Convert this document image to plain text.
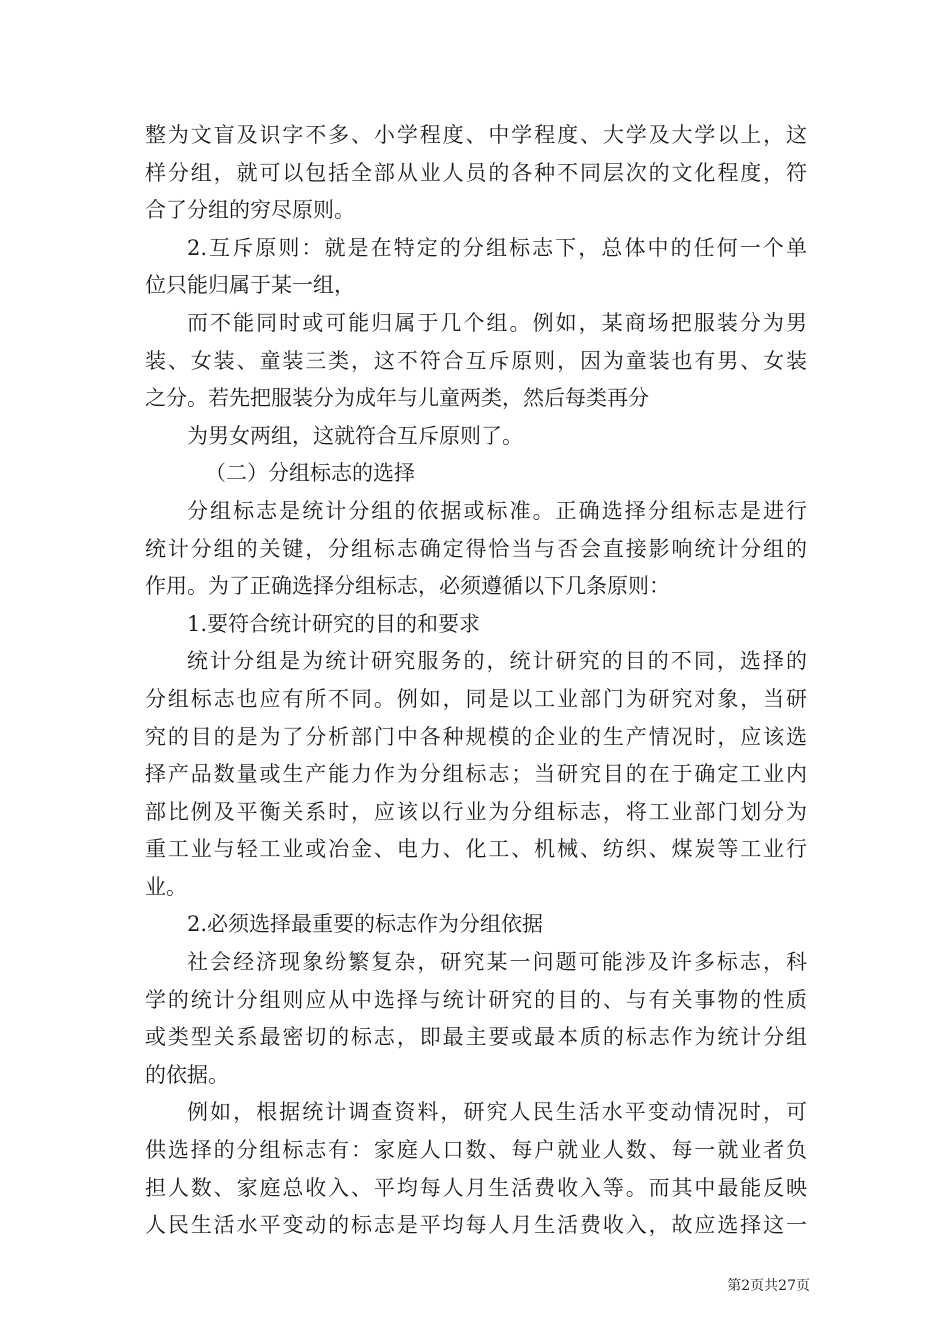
整为文盲及识字不多、小学程度、中学程度、大学及大学以上，这
样分组，就可以包括全部从业人员的各种不同层次的文化程度，符
合了分组的穷尽原则。
2.互斥原则：就是在特定的分组标志下，总体中的任何一个单
位只能归属于某一组，
而不能同时或可能归属于几个组。例如，某商场把服装分为男
装、女装、童装三类，这不符合互斥原则，因为童装也有男、女装
之分。若先把服装分为成年与儿童两类，然后每类再分
为男女两组，这就符合互斥原则了。
（二）分组标志的选择
分组标志是统计分组的依据或标准。正确选择分组标志是进行
统计分组的关键，分组标志确定得恰当与否会直接影响统计分组的
作用。为了正确选择分组标志，必须遵循以下几条原则：
1.要符合统计研究的目的和要求
统计分组是为统计研究服务的，统计研究的目的不同，选择的
分组标志也应有所不同。例如，同是以工业部门为研究对象，当研
究的目的是为了分析部门中各种规模的企业的生产情况时，应该选
择产品数量或生产能力作为分组标志；当研究目的在于确定工业内
部比例及平衡关系时，应该以行业为分组标志，将工业部门划分为
重工业与轻工业或冶金、电力、化工、机械、纺织、煤炭等工业行
业。
2.必须选择最重要的标志作为分组依据
社会经济现象纷繁复杂，研究某一问题可能涉及许多标志，科
学的统计分组则应从中选择与统计研究的目的、与有关事物的性质
或类型关系最密切的标志，即最主要或最本质的标志作为统计分组
的依据。
例如，根据统计调查资料，研究人民生活水平变动情况时，可
供选择的分组标志有：家庭人口数、每户就业人数、每一就业者负
担人数、家庭总收入、平均每人月生活费收入等。而其中最能反映
人民生活水平变动的标志是平均每人月生活费收入，故应选择这一
第2页共27页
